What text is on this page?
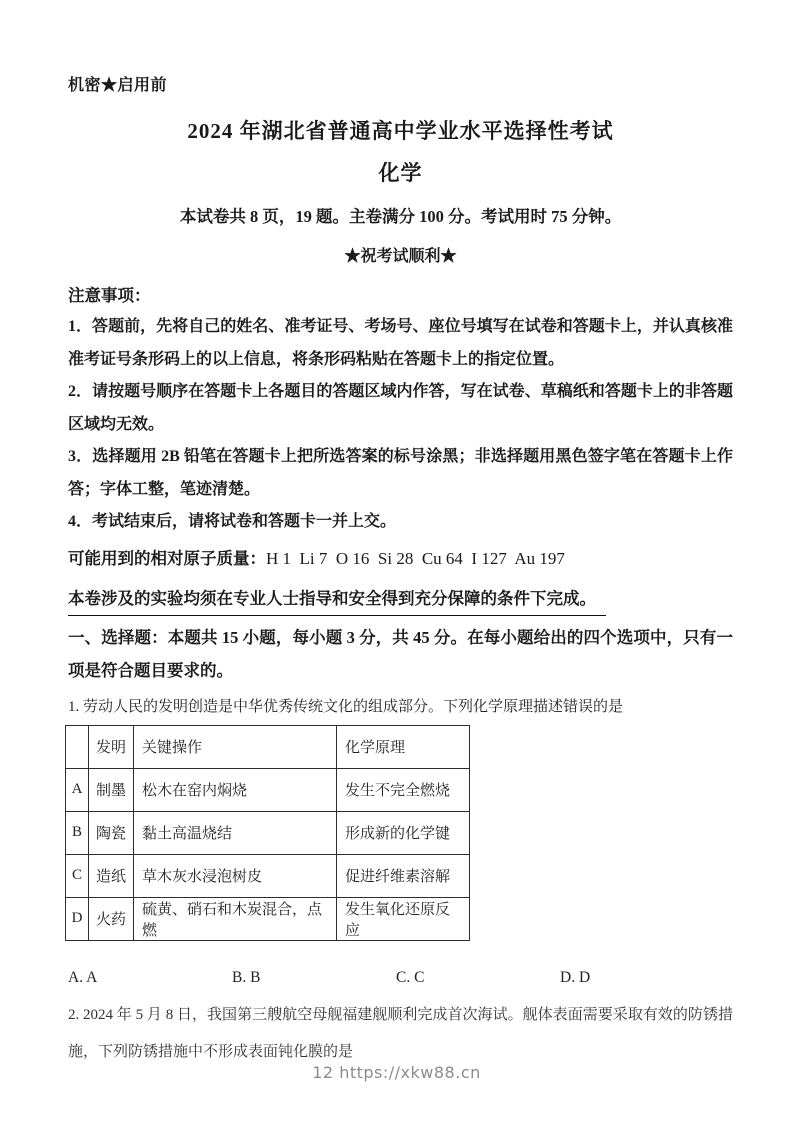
机密★启用前
2024 年湖北省普通高中学业水平选择性考试
化学
本试卷共 8 页，19 题。主卷满分 100 分。考试用时 75 分钟。
★祝考试顺利★
注意事项：

1．答题前，先将自己的姓名、准考证号、考场号、座位号填写在试卷和答题卡上，并认真核准准考证号条形码上的以上信息，将条形码粘贴在答题卡上的指定位置。

2．请按题号顺序在答题卡上各题目的答题区域内作答，写在试卷、草稿纸和答题卡上的非答题区域均无效。

3．选择题用 2B 铅笔在答题卡上把所选答案的标号涂黑；非选择题用黑色签字笔在答题卡上作答；字体工整，笔迹清楚。

4．考试结束后，请将试卷和答题卡一并上交。

可能用到的相对原子质量：H 1  Li 7  O 16  Si 28  Cu 64  I 127  Au 197
本卷涉及的实验均须在专业人士指导和安全得到充分保障的条件下完成。
一、选择题：本题共 15 小题，每小题 3 分，共 45 分。在每小题给出的四个选项中，只有一项是符合题目要求的。
1. 劳动人民的发明创造是中华优秀传统文化的组成部分。下列化学原理描述错误的是
	发明	关键操作	化学原理
A	制墨	松木在窑内焖烧	发生不完全燃烧
B	陶瓷	黏土高温烧结	形成新的化学键
C	造纸	草木灰水浸泡树皮	促进纤维素溶解
D	火药	硫黄、硝石和木炭混合，点燃	发生氧化还原反应
A. A	B. B	C. C	D. D
2. 2024 年 5 月 8 日，我国第三艘航空母舰福建舰顺利完成首次海试。舰体表面需要采取有效的防锈措施，下列防锈措施中不形成表面钝化膜的是
12 https://xkw88.cn
